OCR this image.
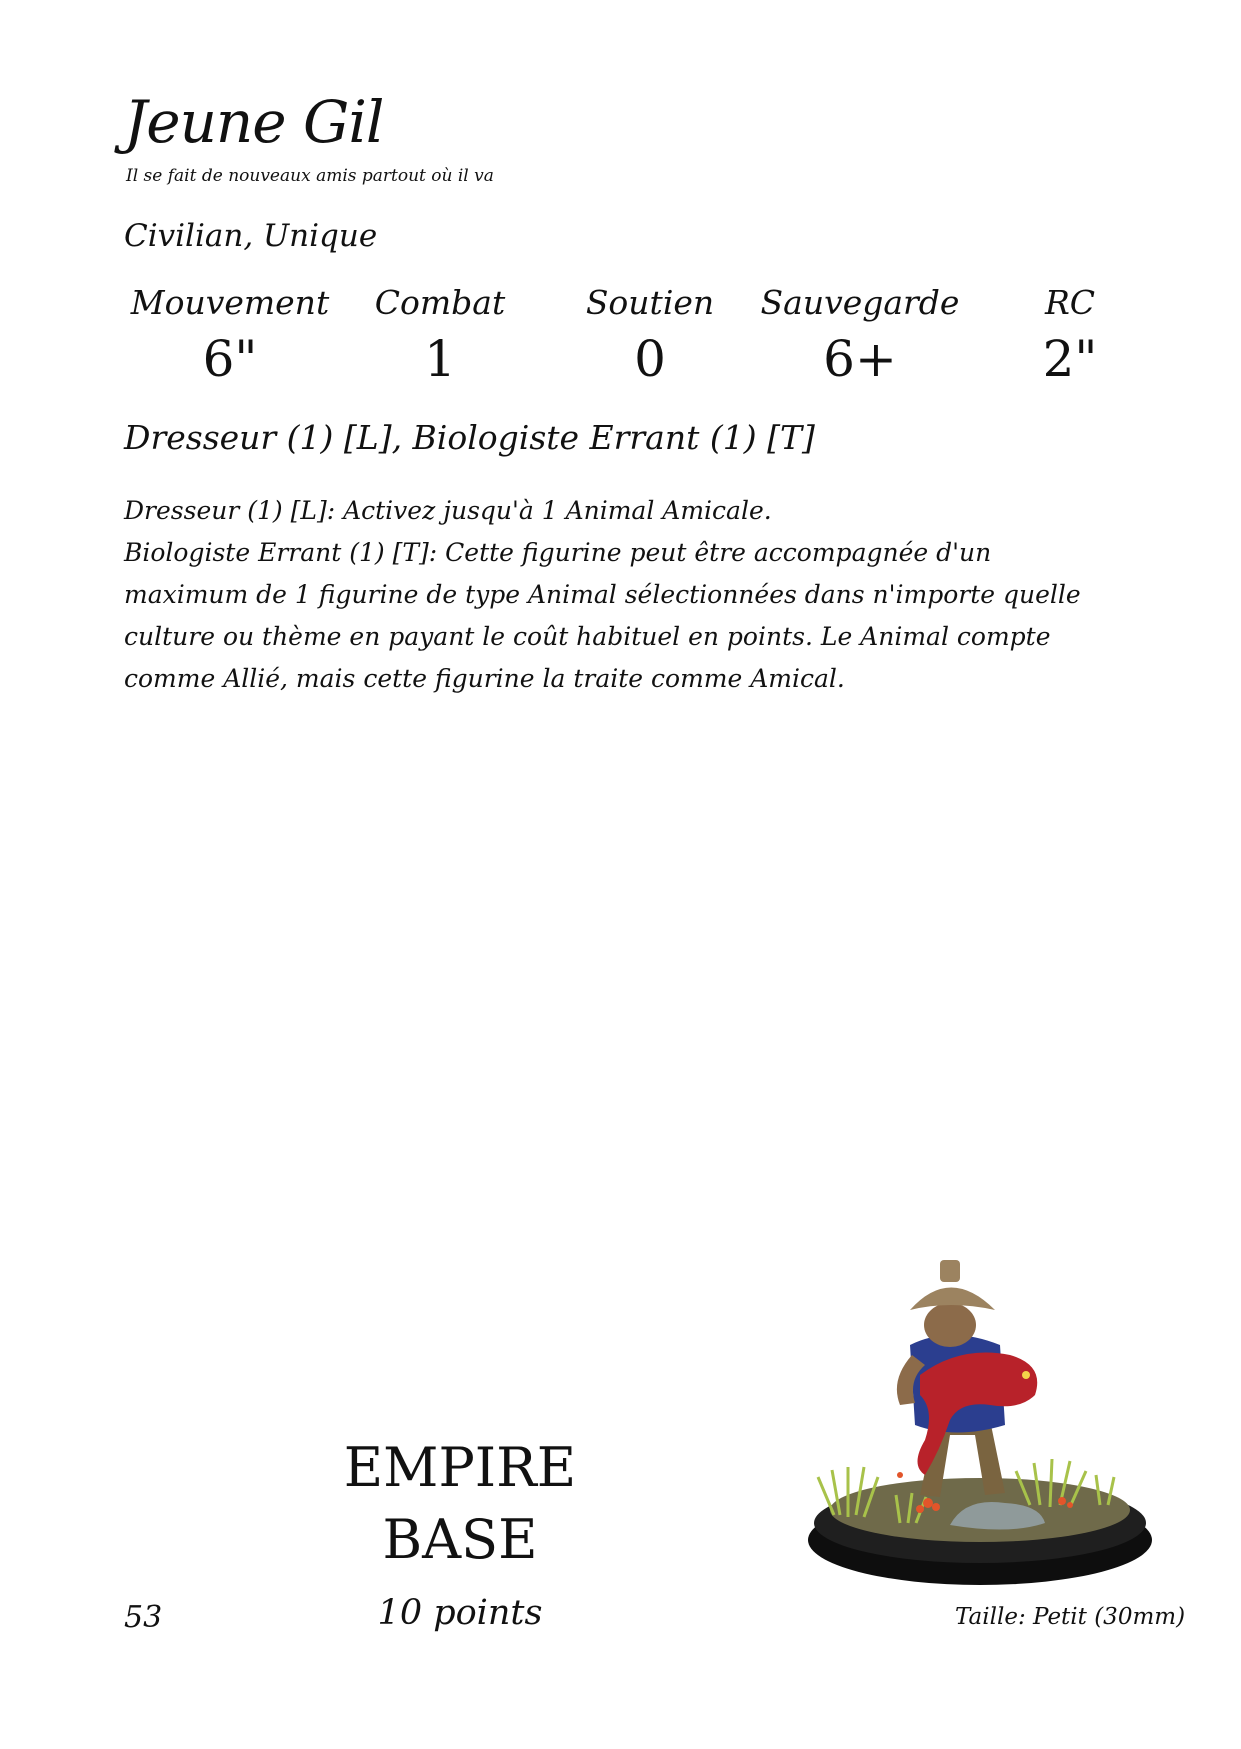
Jeune Gil
Il se fait de nouveaux amis partout où il va
Civilian, Unique
Mouvement	Combat	Soutien	Sauvegarde	RC
6"	1	0	6+	2"
Dresseur (1) [L], Biologiste Errant (1) [T]

Dresseur (1) [L]: Activez jusqu'à 1 Animal Amicale.

Biologiste Errant (1) [T]: Cette figurine peut être accompagnée d'un maximum de 1 figurine de type Animal sélectionnées dans n'importe quelle culture ou thème en payant le coût habituel en points. Le Animal compte comme Allié, mais cette figurine la traite comme Amical.

EMPIRE
BASE
10 points
53	Taille: Petit (30mm)
